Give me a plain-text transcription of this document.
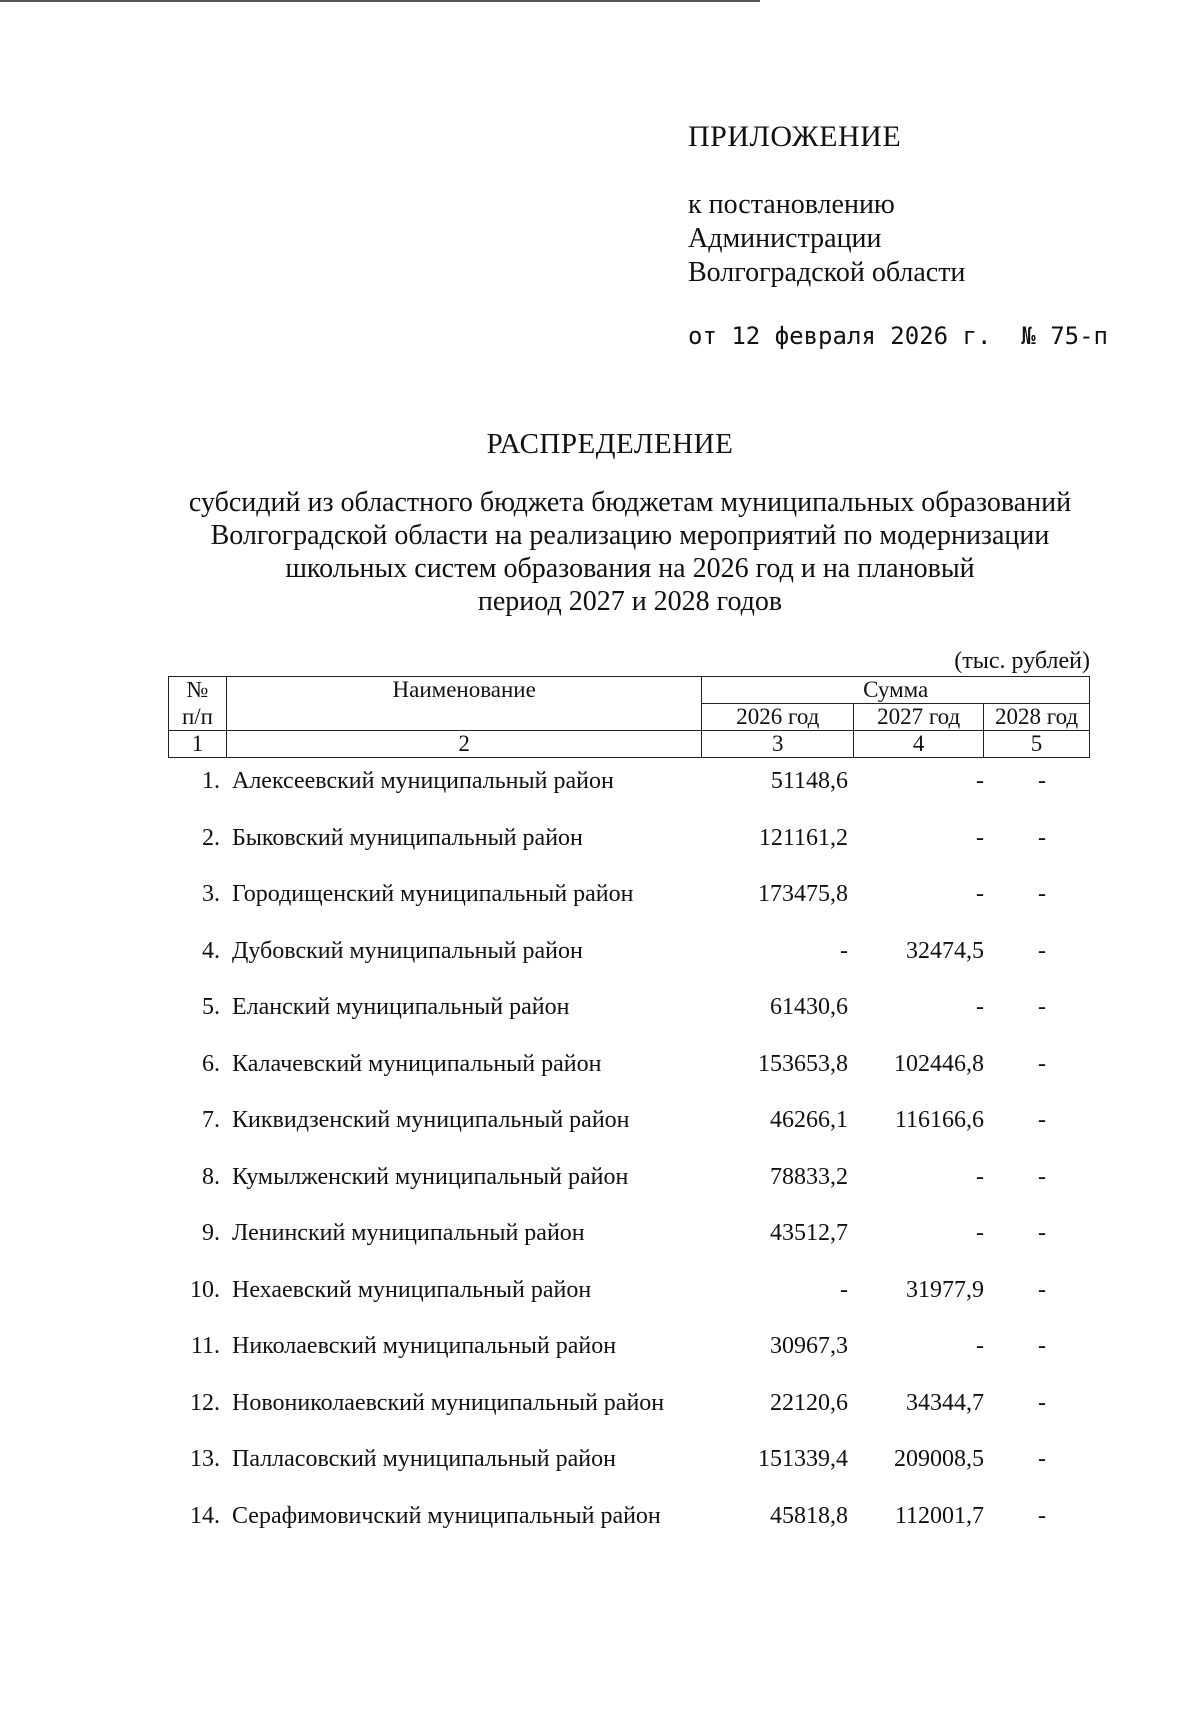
ПРИЛОЖЕНИЕ
к постановлению
Администрации
Волгоградской области
от 12 февраля 2026 г. № 75-п
РАСПРЕДЕЛЕНИЕ
субсидий из областного бюджета бюджетам муниципальных образований
Волгоградской области на реализацию мероприятий по модернизации
школьных систем образования на 2026 год и на плановый
период 2027 и 2028 годов
(тыс. рублей)
№	Наименование	Сумма		
п/п		2026 год	2027 год	2028 год
1	2	3	4	5
1. Алексеевский муниципальный район	51148,6	- -
2. Быковский муниципальный район	121161,2	- -
3. Городищенский муниципальный район	173475,8	- -
4. Дубовский муниципальный район	- 32474,5 -
5. Еланский муниципальный район	61430,6	- -
6. Калачевский муниципальный район	153653,8 102446,8 -
7. Киквидзенский муниципальный район	46266,1 116166,6 -
8. Кумылженский муниципальный район	78833,2	- -
9. Ленинский муниципальный район	43512,7	- -
10. Нехаевский муниципальный район	- 31977,9 -
11. Николаевский муниципальный район	30967,3	- -
12. Новониколаевский муниципальный район	22120,6 34344,7 -
13. Палласовский муниципальный район	151339,4 209008,5 -
14. Серафимовичский муниципальный район	45818,8 112001,7 -
